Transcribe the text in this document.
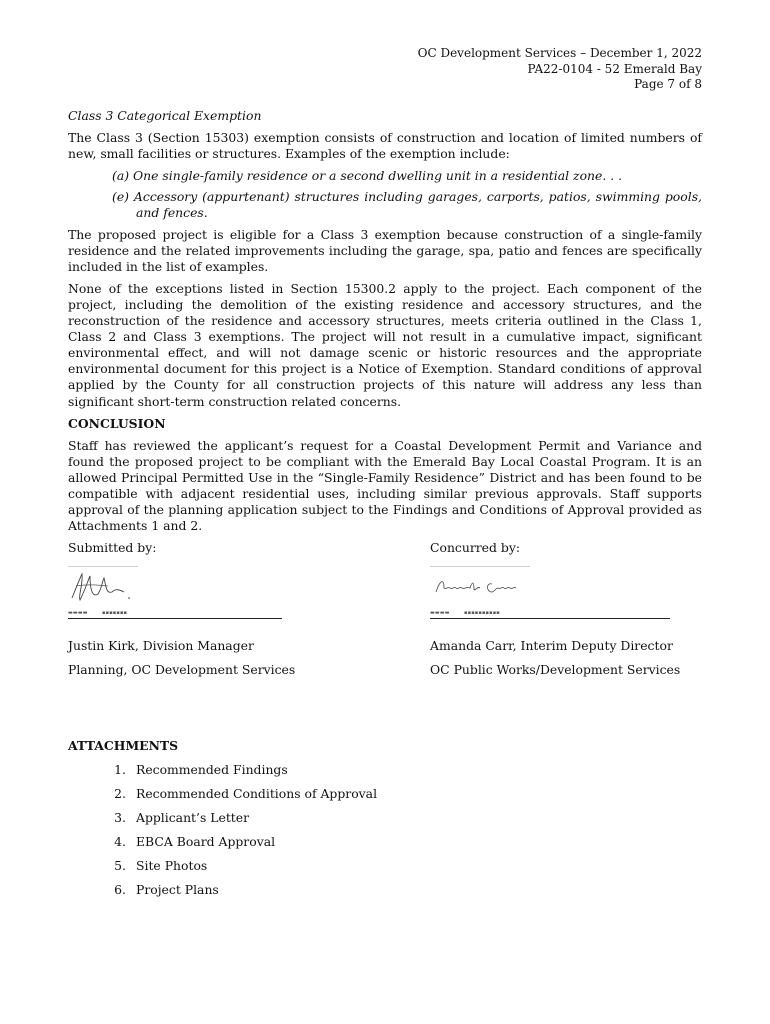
OC Development Services – December 1, 2022
PA22-0104 - 52 Emerald Bay
Page 7 of 8
Class 3 Categorical Exemption

The Class 3 (Section 15303) exemption consists of construction and location of limited numbers of new, small facilities or structures. Examples of the exemption include:

(a) One single-family residence or a second dwelling unit in a residential zone. . .
(e) Accessory (appurtenant) structures including garages, carports, patios, swimming pools, and fences.

The proposed project is eligible for a Class 3 exemption because construction of a single-family residence and the related improvements including the garage, spa, patio and fences are specifically included in the list of examples.

None of the exceptions listed in Section 15300.2 apply to the project. Each component of the project, including the demolition of the existing residence and accessory structures, and the reconstruction of the residence and accessory structures, meets criteria outlined in the Class 1, Class 2 and Class 3 exemptions. The project will not result in a cumulative impact, significant environmental effect, and will not damage scenic or historic resources and the appropriate environmental document for this project is a Notice of Exemption. Standard conditions of approval applied by the County for all construction projects of this nature will address any less than significant short-term construction related concerns.

CONCLUSION

Staff has reviewed the applicant’s request for a Coastal Development Permit and Variance and found the proposed project to be compliant with the Emerald Bay Local Coastal Program. It is an allowed Principal Permitted Use in the “Single-Family Residence” District and has been found to be compatible with adjacent residential uses, including similar previous approvals. Staff supports approval of the planning application subject to the Findings and Conditions of Approval provided as Attachments 1 and 2.

Submitted by:
▬▬▬▬        ▪▪▪▪▪▪▪
Justin Kirk, Division Manager
Planning, OC Development Services
Concurred by:
▬▬▬▬        ▪▪▪▪▪▪▪▪▪▪
Amanda Carr, Interim Deputy Director
OC Public Works/Development Services
ATTACHMENTS
1. Recommended Findings
2. Recommended Conditions of Approval
3. Applicant’s Letter
4. EBCA Board Approval
5. Site Photos
6. Project Plans
